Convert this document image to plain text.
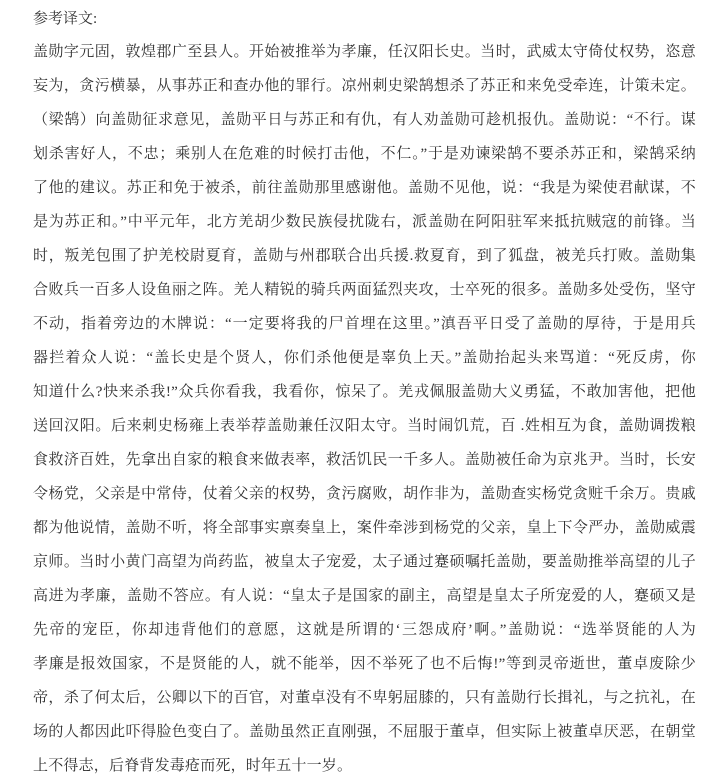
参考译文:
盖勋字元固，敦煌郡广至县人。开始被推举为孝廉，任汉阳长史。当时，武威太守倚仗权势，恣意
妄为，贪污横暴，从事苏正和查办他的罪行。凉州刺史梁鹄想杀了苏正和来免受牵连，计策未定。
（梁鹄）向盖勋征求意见，盖勋平日与苏正和有仇，有人劝盖勋可趁机报仇。盖勋说：“不行。谋
划杀害好人，不忠；乘别人在危难的时候打击他，不仁。”于是劝谏梁鹄不要杀苏正和，梁鹄采纳
了他的建议。苏正和免于被杀，前往盖勋那里感谢他。盖勋不见他，说：“我是为梁使君献谋，不
是为苏正和。”中平元年，北方羌胡少数民族侵扰陇右，派盖勋在阿阳驻军来抵抗贼寇的前锋。当
时，叛羌包围了护羌校尉夏育，盖勋与州郡联合出兵援.救夏育，到了狐盘，被羌兵打败。盖勋集
合败兵一百多人设鱼丽之阵。羌人精锐的骑兵两面猛烈夹攻，士卒死的很多。盖勋多处受伤，坚守
不动，指着旁边的木牌说：“一定要将我的尸首埋在这里。”滇吾平日受了盖勋的厚待，于是用兵
器拦着众人说：“盖长史是个贤人，你们杀他便是辜负上天。”盖勋抬起头来骂道：“死反虏，你
知道什么?快来杀我!”众兵你看我，我看你，惊呆了。羌戎佩服盖勋大义勇猛，不敢加害他，把他
送回汉阳。后来刺史杨雍上表举荐盖勋兼任汉阳太守。当时闹饥荒，百 .姓相互为食，盖勋调拨粮
食救济百姓，先拿出自家的粮食来做表率，救活饥民一千多人。盖勋被任命为京兆尹。当时，长安
令杨党，父亲是中常侍，仗着父亲的权势，贪污腐败，胡作非为，盖勋查实杨党贪赃千余万。贵戚
都为他说情，盖勋不听，将全部事实禀奏皇上，案件牵涉到杨党的父亲，皇上下令严办，盖勋威震
京师。当时小黄门高望为尚药监，被皇太子宠爱，太子通过蹇硕嘱托盖勋，要盖勋推举高望的儿子
高进为孝廉，盖勋不答应。有人说：“皇太子是国家的副主，高望是皇太子所宠爱的人，蹇硕又是
先帝的宠臣，你却违背他们的意愿，这就是所谓的‘三怨成府’啊。”盖勋说：“选举贤能的人为
孝廉是报效国家，不是贤能的人，就不能举，因不举死了也不后悔!”等到灵帝逝世，董卓废除少
帝，杀了何太后，公卿以下的百官，对董卓没有不卑躬屈膝的，只有盖勋行长揖礼，与之抗礼，在
场的人都因此吓得脸色变白了。盖勋虽然正直刚强，不屈服于董卓，但实际上被董卓厌恶，在朝堂
上不得志，后脊背发毒疮而死，时年五十一岁。
